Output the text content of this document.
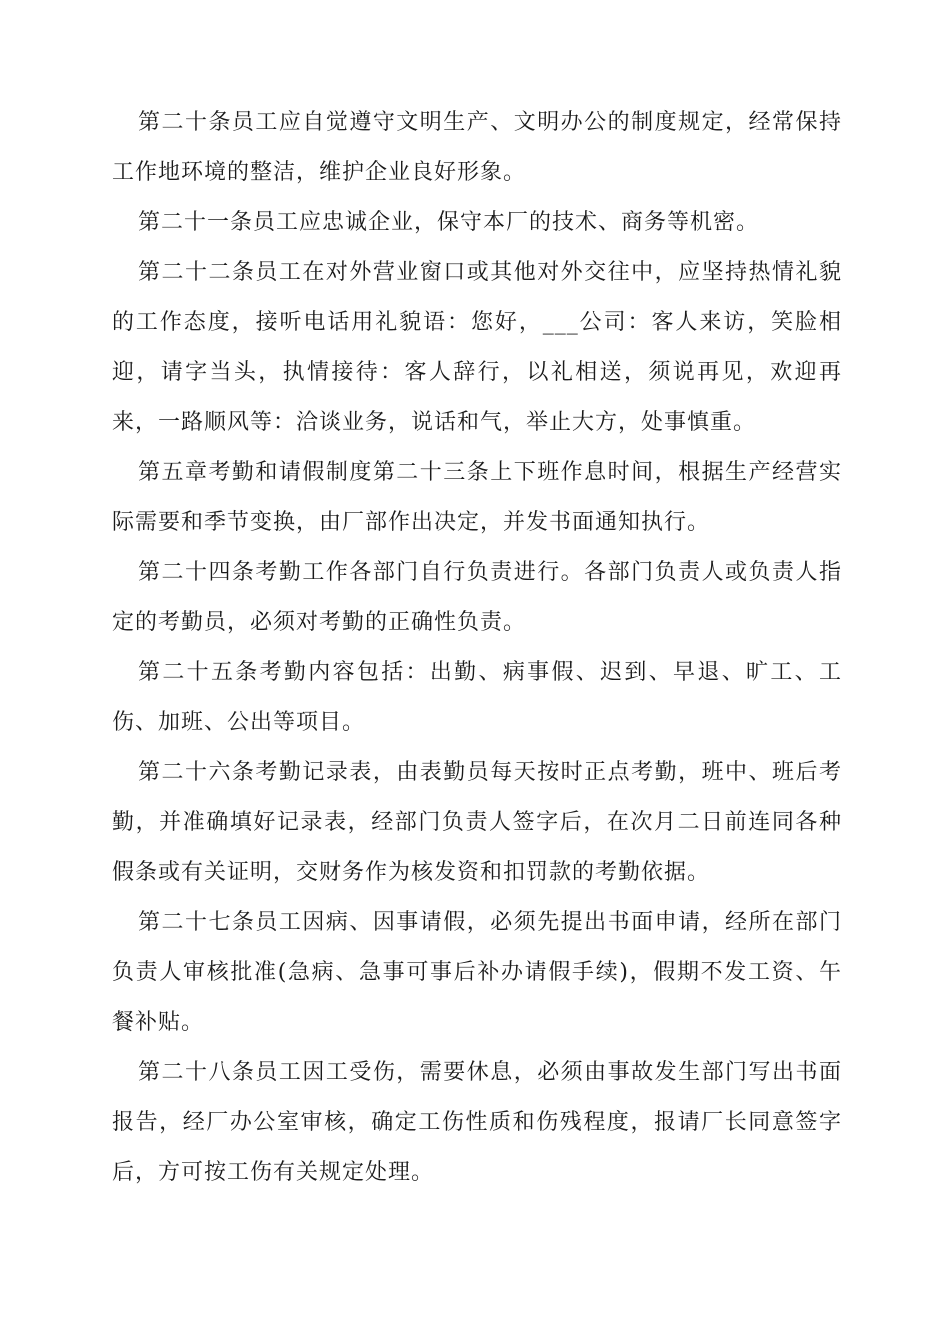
第二十条员工应自觉遵守文明生产、文明办公的制度规定，经常保持工作地环境的整洁，维护企业良好形象。

第二十一条员工应忠诚企业，保守本厂的技术、商务等机密。

第二十二条员工在对外营业窗口或其他对外交往中，应坚持热情礼貌的工作态度，接听电话用礼貌语：您好，___公司：客人来访，笑脸相迎，请字当头，执情接待：客人辞行，以礼相送，须说再见，欢迎再来，一路顺风等：洽谈业务，说话和气，举止大方，处事慎重。

第五章考勤和请假制度第二十三条上下班作息时间，根据生产经营实际需要和季节变换，由厂部作出决定，并发书面通知执行。

第二十四条考勤工作各部门自行负责进行。各部门负责人或负责人指定的考勤员，必须对考勤的正确性负责。

第二十五条考勤内容包括：出勤、病事假、迟到、早退、旷工、工伤、加班、公出等项目。

第二十六条考勤记录表，由表勤员每天按时正点考勤，班中、班后考勤，并准确填好记录表，经部门负责人签字后，在次月二日前连同各种假条或有关证明，交财务作为核发资和扣罚款的考勤依据。

第二十七条员工因病、因事请假，必须先提出书面申请，经所在部门负责人审核批准(急病、急事可事后补办请假手续)，假期不发工资、午餐补贴。

第二十八条员工因工受伤，需要休息，必须由事故发生部门写出书面报告，经厂办公室审核，确定工伤性质和伤残程度，报请厂长同意签字后，方可按工伤有关规定处理。
